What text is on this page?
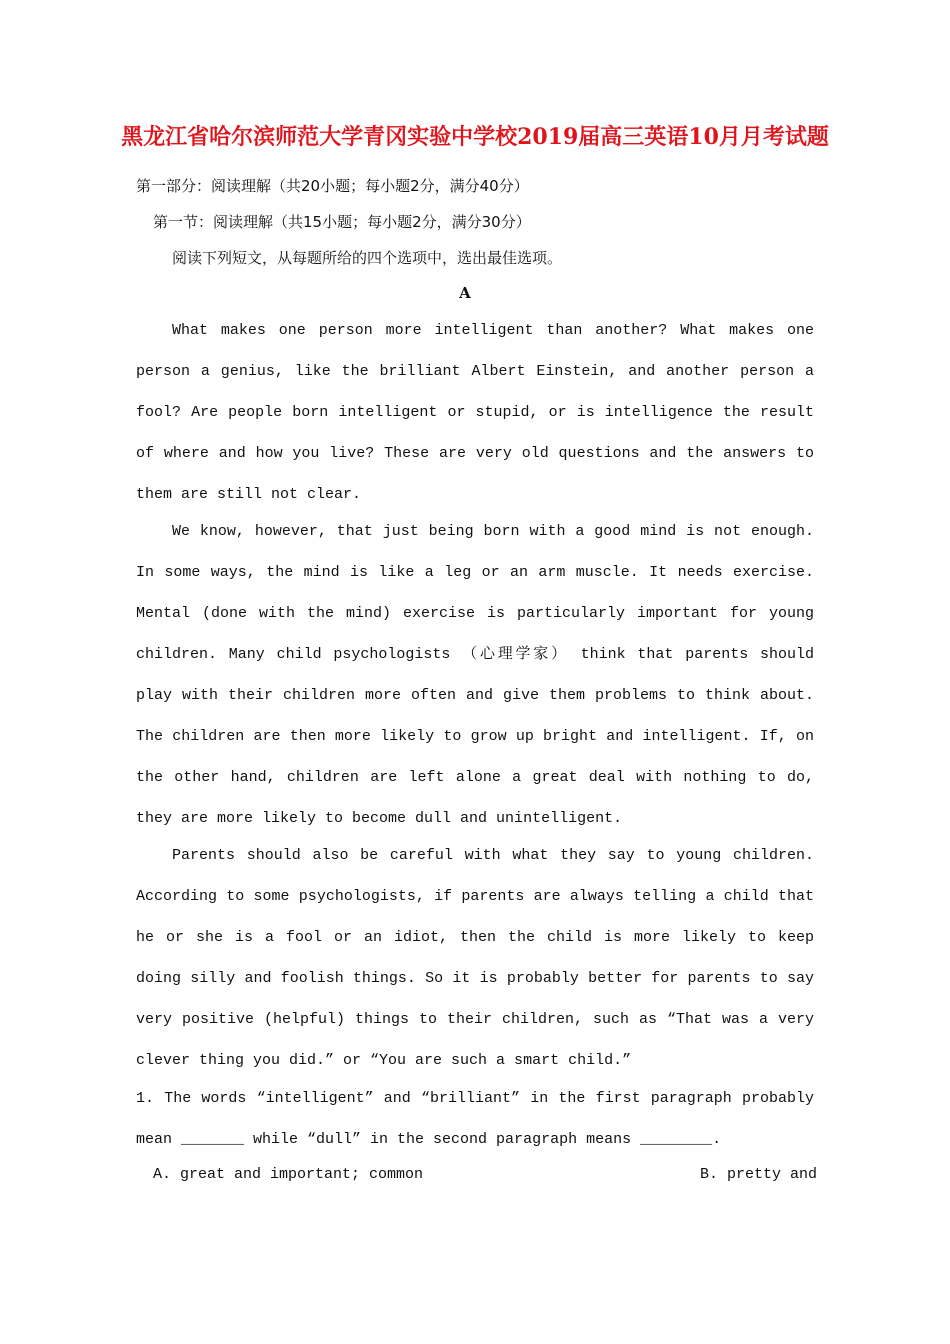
黑龙江省哈尔滨师范大学青冈实验中学校2019届高三英语10月月考试题
第一部分：阅读理解（共20小题；每小题2分，满分40分）
第一节：阅读理解（共15小题；每小题2分，满分30分）
阅读下列短文，从每题所给的四个选项中，选出最佳选项。
A
What makes one person more intelligent than another? What makes one person a genius, like the brilliant Albert Einstein, and another person a fool? Are people born intelligent or stupid, or is intelligence the result of where and how you live? These are very old questions and the answers to them are still not clear.
We know, however, that just being born with a good mind is not enough. In some ways, the mind is like a leg or an arm muscle. It needs exercise. Mental (done with the mind) exercise is particularly important for young children. Many child psychologists （心理学家） think that parents should play with their children more often and give them problems to think about. The children are then more likely to grow up bright and intelligent. If, on the other hand, children are left alone a great deal with nothing to do, they are more likely to become dull and unintelligent.
Parents should also be careful with what they say to young children. According to some psychologists, if parents are always telling a child that he or she is a fool or an idiot, then the child is more likely to keep doing silly and foolish things. So it is probably better for parents to say very positive (helpful) things to their children, such as “That was a very clever thing you did.” or “You are such a smart child.”
1. The words “intelligent” and “brilliant” in the first paragraph probably mean _______ while “dull” in the second paragraph means ________.
A. great and important; common	B. pretty and
